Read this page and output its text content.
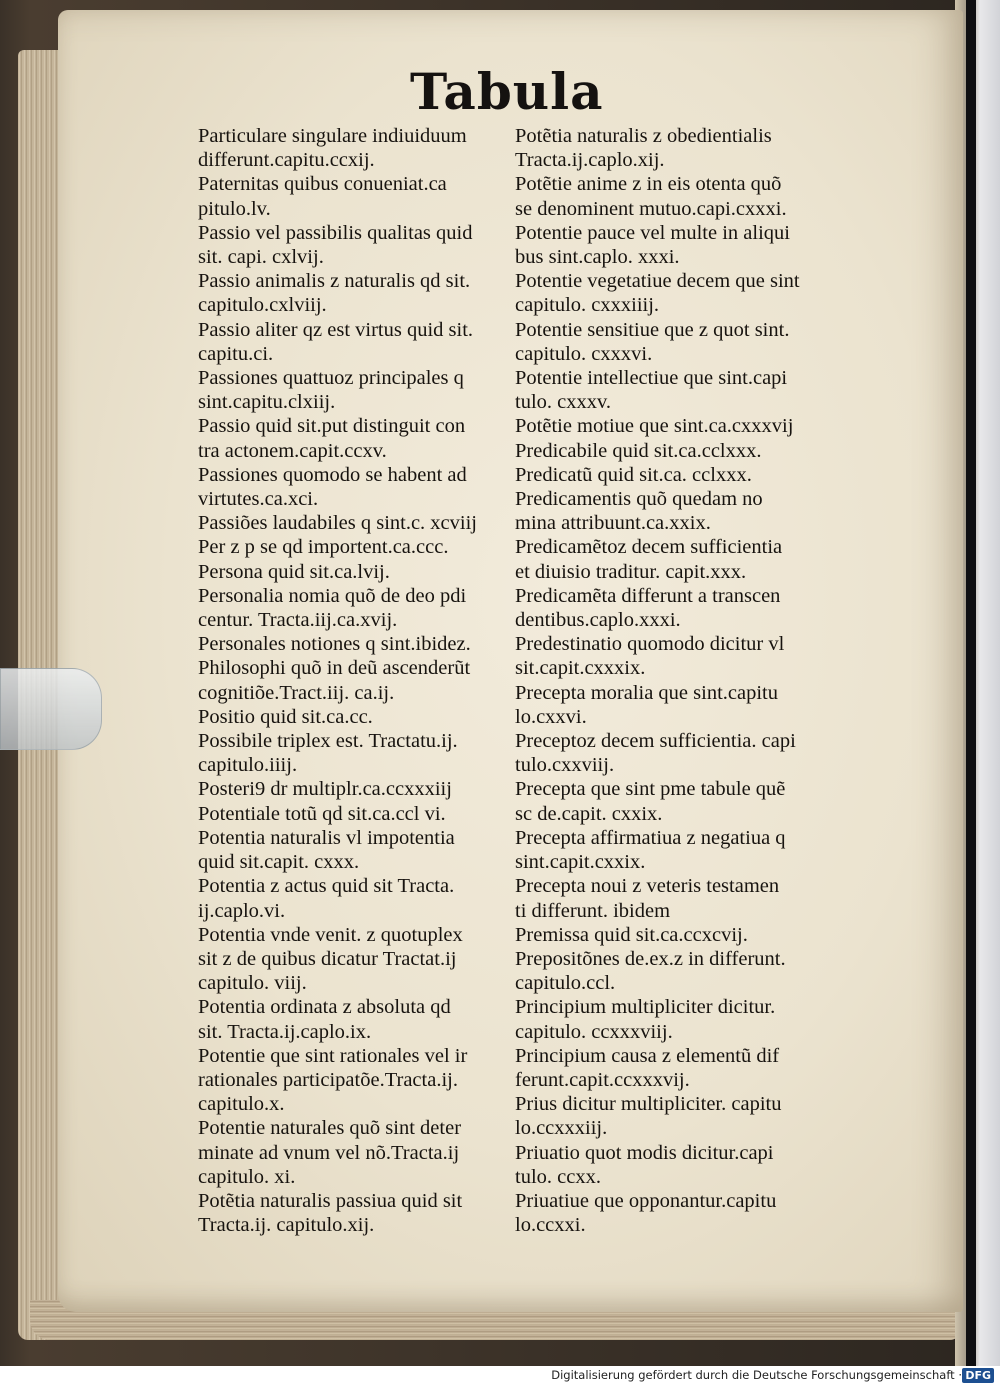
Tabula
Particulare singulare indiuiduum
differunt.capitu.ccxij.
Paternitas quibus conueniat.ca
pitulo.lv.
Passio vel passibilis qualitas quid
sit. capi. cxlvij.
Passio animalis z naturalis qd sit.
capitulo.cxlviij.
Passio aliter qz est virtus quid sit.
capitu.ci.
Passiones quattuoz principales q
sint.capitu.clxiij.
Passio quid sit.put distinguit con
tra actonem.capit.ccxv.
Passiones quomodo se habent ad
virtutes.ca.xci.
Passiões laudabiles q sint.c. xcviij
Per z p se qd importent.ca.ccc.
Persona quid sit.ca.lvij.
Personalia nomia quõ de deo pdi
centur. Tracta.iij.ca.xvij.
Personales notiones q sint.ibidez.
Philosophi quõ in deũ ascenderũt
cognitiõe.Tract.iij. ca.ij.
Positio quid sit.ca.cc.
Possibile triplex est. Tractatu.ij.
capitulo.iiij.
Posteri9 dr multiplr.ca.ccxxxiij
Potentiale totũ qd sit.ca.ccl vi.
Potentia naturalis vl impotentia
quid sit.capit. cxxx.
Potentia z actus quid sit Tracta.
ij.caplo.vi.
Potentia vnde venit. z quotuplex
sit z de quibus dicatur Tractat.ij
capitulo. viij.
Potentia ordinata z absoluta qd
sit. Tracta.ij.caplo.ix.
Potentie que sint rationales vel ir
rationales participatõe.Tracta.ij.
capitulo.x.
Potentie naturales quõ sint deter
minate ad vnum vel nõ.Tracta.ij
capitulo. xi.
Potẽtia naturalis passiua quid sit
Tracta.ij. capitulo.xij.
Potẽtia naturalis z obedientialis
Tracta.ij.caplo.xij.
Potẽtie anime z in eis otenta quõ
se denominent mutuo.capi.cxxxi.
Potentie pauce vel multe in aliqui
bus sint.caplo. xxxi.
Potentie vegetatiue decem que sint
capitulo. cxxxiiij.
Potentie sensitiue que z quot sint.
capitulo. cxxxvi.
Potentie intellectiue que sint.capi
tulo. cxxxv.
Potẽtie motiue que sint.ca.cxxxvij
Predicabile quid sit.ca.cclxxx.
Predicatũ quid sit.ca. cclxxx.
Predicamentis quõ quedam no
mina attribuunt.ca.xxix.
Predicamẽtoz decem sufficientia
et diuisio traditur. capit.xxx.
Predicamẽta differunt a transcen
dentibus.caplo.xxxi.
Predestinatio quomodo dicitur vl
sit.capit.cxxxix.
Precepta moralia que sint.capitu
lo.cxxvi.
Preceptoz decem sufficientia. capi
tulo.cxxviij.
Precepta que sint pme tabule quẽ
sc de.capit. cxxix.
Precepta affirmatiua z negatiua q
sint.capit.cxxix.
Precepta noui z veteris testamen
ti differunt. ibidem
Premissa quid sit.ca.ccxcvij.
Prepositõnes de.ex.z in differunt.
capitulo.ccl.
Principium multipliciter dicitur.
capitulo. ccxxxviij.
Principium causa z elementũ dif
ferunt.capit.ccxxxvij.
Prius dicitur multipliciter. capitu
lo.ccxxxiij.
Priuatio quot modis dicitur.capi
tulo. ccxx.
Priuatiue que opponantur.capitu
lo.ccxxi.
Digitalisierung gefördert durch die Deutsche Forschungsgemeinschaft · DFG
